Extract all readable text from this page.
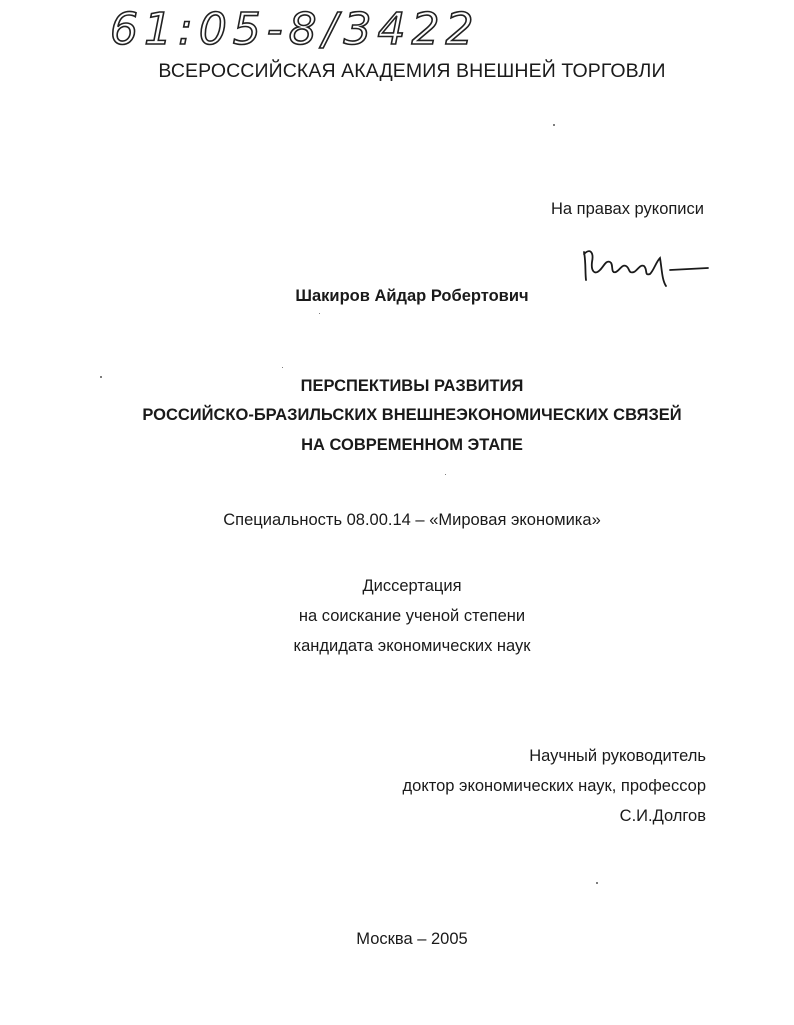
61:05-8/3422
ВСЕРОССИЙСКАЯ АКАДЕМИЯ ВНЕШНЕЙ ТОРГОВЛИ
На правах рукописи
Шакиров Айдар Робертович
ПЕРСПЕКТИВЫ РАЗВИТИЯ
РОССИЙСКО-БРАЗИЛЬСКИХ ВНЕШНЕЭКОНОМИЧЕСКИХ СВЯЗЕЙ
НА СОВРЕМЕННОМ ЭТАПЕ
Специальность 08.00.14 – «Мировая экономика»
Диссертация
на соискание ученой степени
кандидата экономических наук
Научный руководитель
доктор экономических наук, профессор
С.И.Долгов
Москва – 2005
